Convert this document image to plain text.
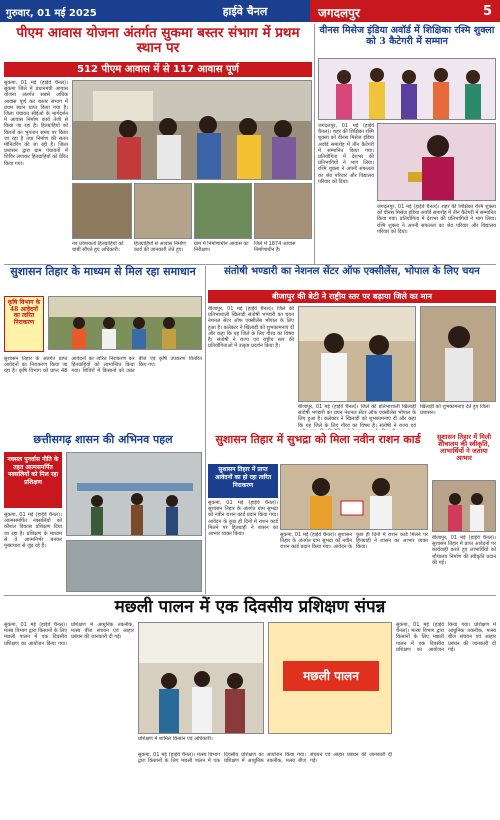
गुरुवार, 01 मई 2025	हाईवे चैनल	जगदलपुर	5
पीएम आवास योजना अंतर्गत सुकमा बस्तर संभाग में प्रथम स्थान पर
512 पीएम आवास में से 117 आवास पूर्ण
सुकमा, 01 मई (हाईवे चैनल)। सुकमा जिले में प्रधानमंत्री आवास योजना अंतर्गत सबसे अधिक आवास पूर्ण कर बस्तर संभाग में प्रथम स्थान प्राप्त किया गया है। जिला पंचायत सीईओ के मार्गदर्शन में आवास निर्माण कार्य तेजी से किया जा रहा है। हितग्राहियों को किश्तों का भुगतान समय पर किया जा रहा है तथा निर्माण की सतत मॉनिटरिंग की जा रही है। जिला प्रशासन द्वारा ग्राम पंचायतों में शिविर लगाकर हितग्राहियों को प्रेरित किया गया।
नव प्रवेशकर्ता हितग्राहियों को चाबी सौंपते हुए अधिकारी।
हितग्राहियों से आवास निर्माण कार्य की जानकारी लेते हुए।
ग्राम में निर्माणाधीन आवास का निरीक्षण।
जिले में 1874 आवास निर्माणाधीन हैं।
वीनस मिसेज इंडिया अवॉर्ड में शिक्षिका रश्मि शुक्ला को 3 कैटेगरी में सम्मान
जगदलपुर, 01 मई (हाईवे चैनल)। शहर की शिक्षिका रश्मि शुक्ला को वीनस मिसेज इंडिया अवॉर्ड समारोह में तीन कैटेगरी में सम्मानित किया गया। प्रतियोगिता में देशभर की प्रतिभागियों ने भाग लिया। रश्मि शुक्ला ने अपनी सफलता का श्रेय परिवार और विद्यालय परिवार को दिया।
जगदलपुर, 01 मई (हाईवे चैनल)। शहर की शिक्षिका रश्मि शुक्ला को वीनस मिसेज इंडिया अवॉर्ड समारोह में तीन कैटेगरी में सम्मानित किया गया। प्रतियोगिता में देशभर की प्रतिभागियों ने भाग लिया। रश्मि शुक्ला ने अपनी सफलता का श्रेय परिवार और विद्यालय परिवार को दिया।
सुशासन तिहार के माध्यम से मिल रहा समाधान
कृषि विभाग के 48 आवेदनों का त्वरित निराकरण
सुशासन तिहार के अंतर्गत प्राप्त आवेदनों का निराकरण किया जा रहा है। कृषि विभाग को प्राप्त 48 आवेदनों का त्वरित निराकरण कर हितग्राहियों को लाभान्वित किया गया। शिविरों में किसानों को उन्नत बीज एवं कृषि उपकरण वितरित किए गए।
संतोषी भण्डारी का नेशनल सेंटर ऑफ एक्सीलेंस, भोपाल के लिए चयन
बीजापुर की बेटी ने राष्ट्रीय स्तर पर बढ़ाया जिले का मान
बीजापुर, 01 मई (हाईवे चैनल)। जिले की प्रतिभाशाली खिलाड़ी संतोषी भण्डारी का चयन नेशनल सेंटर ऑफ एक्सीलेंस भोपाल के लिए हुआ है। कलेक्टर ने खिलाड़ी को शुभकामनाएं दीं और कहा कि यह जिले के लिए गौरव का विषय है। संतोषी ने राज्य एवं राष्ट्रीय स्तर की प्रतियोगिताओं में उत्कृष्ट प्रदर्शन किया है।
बीजापुर, 01 मई (हाईवे चैनल)। जिले की प्रतिभाशाली खिलाड़ी संतोषी भण्डारी का चयन नेशनल सेंटर ऑफ एक्सीलेंस भोपाल के लिए हुआ है। कलेक्टर ने खिलाड़ी को शुभकामनाएं दीं और कहा कि यह जिले के लिए गौरव का विषय है। संतोषी ने राज्य एवं
खिलाड़ी को शुभकामनाएं देते हुए जिला प्रशासन।
छत्तीसगढ़ शासन की अभिनव पहल
नक्सल पुनर्वास नीति के तहत आत्मसमर्पित नक्सलियों को मिल रहा प्रशिक्षण
सुकमा, 01 मई (हाईवे चैनल)। आत्मसमर्पित नक्सलियों को कौशल विकास प्रशिक्षण दिया जा रहा है। प्रशिक्षण के माध्यम से वे आत्मनिर्भर बनकर मुख्यधारा से जुड़ रहे हैं।
सुशासन तिहार में सुभद्रा को मिला नवीन राशन कार्ड
सुशासन तिहार में प्राप्त आवेदनों का हो रहा त्वरित निराकरण
सुकमा, 01 मई (हाईवे चैनल)। सुशासन तिहार के अंतर्गत ग्राम सुभद्रा को नवीन राशन कार्ड प्रदान किया गया। आवेदन के कुछ ही दिनों में राशन कार्ड मिलने पर हितग्राही ने शासन का आभार व्यक्त किया।	सुकमा, 01 मई (हाईवे चैनल)। सुशासन तिहार के अंतर्गत ग्राम सुभद्रा को नवीन राशन कार्ड प्रदान किया गया। आवेदन के कुछ ही दिनों में राशन कार्ड मिलने पर हितग्राही ने शासन का आभार व्यक्त किया।
सुशासन तिहार में मिली शौचालय की स्वीकृति, लाभार्थियों ने जताया आभार
बीजापुर, 01 मई (हाईवे चैनल)। सुशासन तिहार में प्राप्त आवेदनों पर कार्यवाही करते हुए लाभार्थियों को शौचालय निर्माण की स्वीकृति प्रदान की गई।
मछली पालन में एक दिवसीय प्रशिक्षण संपन्न
सुकमा, 01 मई (हाईवे चैनल)। मत्स्य विभाग द्वारा किसानों के लिए मछली पालन में एक दिवसीय प्रशिक्षण का आयोजन किया गया। प्रशिक्षण में आधुनिक तकनीक, मत्स्य बीज संचयन एवं आहार प्रबंधन की जानकारी दी गई।
मछली पालन
प्रशिक्षण में शामिल किसान एवं अधिकारी।
सुकमा, 01 मई (हाईवे चैनल)। मत्स्य विभाग द्वारा किसानों के लिए मछली पालन में एक दिवसीय प्रशिक्षण का आयोजन किया गया। प्रशिक्षण में आधुनिक तकनीक, मत्स्य बीज संचयन एवं आहार प्रबंधन की जानकारी दी गई।
सुकमा, 01 मई (हाईवे चैनल)। मत्स्य विभाग द्वारा किसानों के लिए मछली पालन में एक दिवसीय प्रशिक्षण का आयोजन किया गया। प्रशिक्षण में आधुनिक तकनीक, मत्स्य बीज संचयन एवं आहार प्रबंधन की जानकारी दी गई।
